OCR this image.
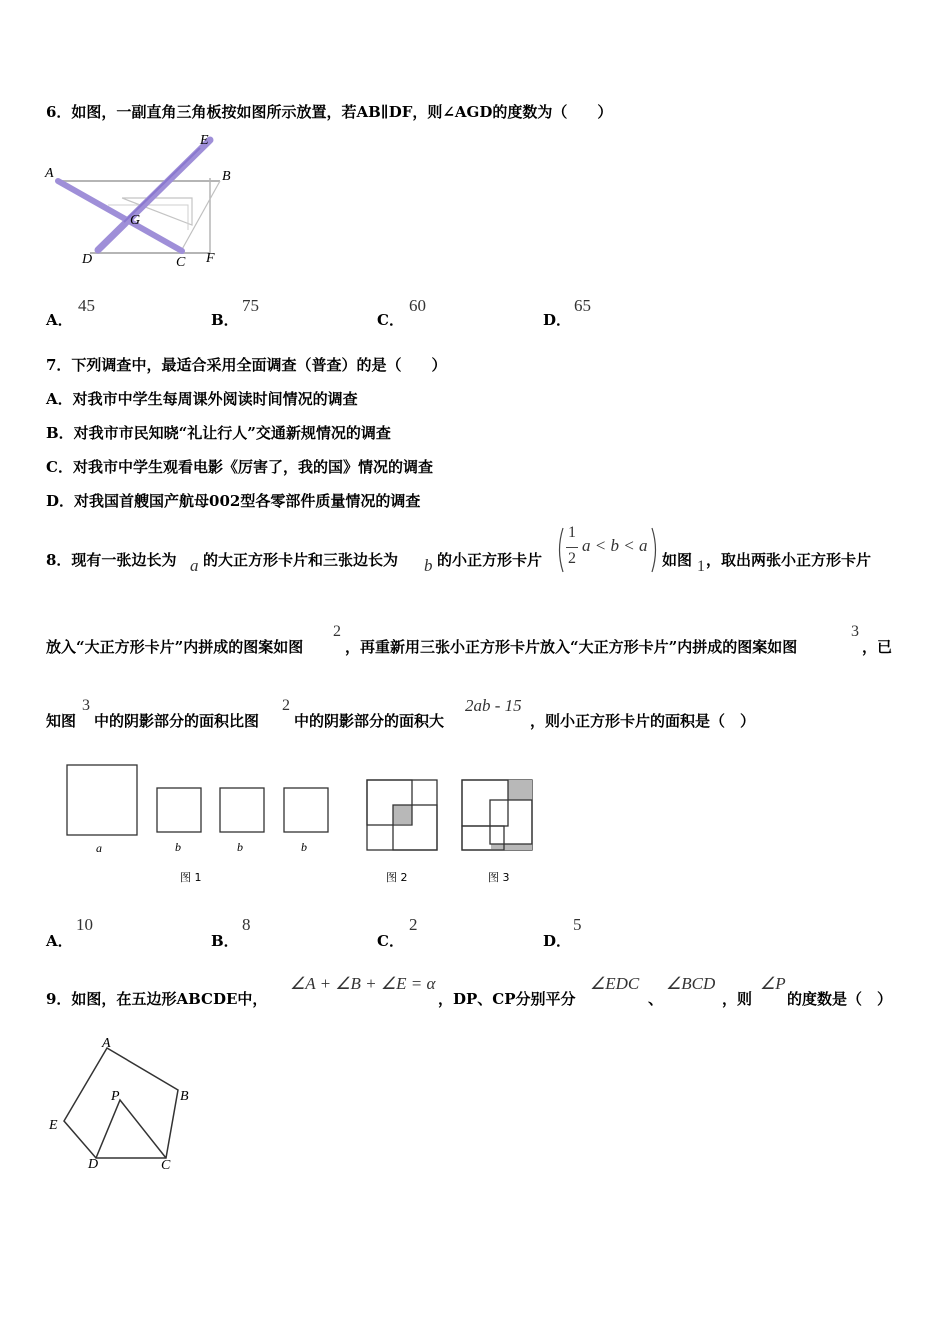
6．如图，一副直角三角板按如图所示放置，若AB∥DF，则∠AGD的度数为（　　）
A
E
B
G
D	C F
A．
45
B．
75
C．
60
D．
65
7．下列调查中，最适合采用全面调查（普查）的是（　　）
A．对我市中学生每周课外阅读时间情况的调查
B．对我市市民知晓“礼让行人”交通新规情况的调查
C．对我市中学生观看电影《厉害了，我的国》情况的调查
D．对我国首艘国产航母002型各零部件质量情况的调查
8．现有一张边长为 a 的大正方形卡片和三张边长为 b 的小正方形卡片
1
2
a < b < a
如图 1 ，取出两张小正方形卡片
放入“大正方形卡片”内拼成的图案如图
2
，再重新用三张小正方形卡片放入“大正方形卡片”内拼成的图案如图
3
，已
知图
3
中的阴影部分的面积比图
2
中的阴影部分的面积大
2ab - 15
，则小正方形卡片的面积是（　）
a	b	b	b
图 1	图 2	图 3
A．
10
B．
8
C．
2
D．
5
9．如图，在五边形ABCDE中，
∠A + ∠B + ∠E = α
，DP、CP分别平分
∠EDC
、
∠BCD
，则
∠P
的度数是（　）
A
B
E
P
D	C
